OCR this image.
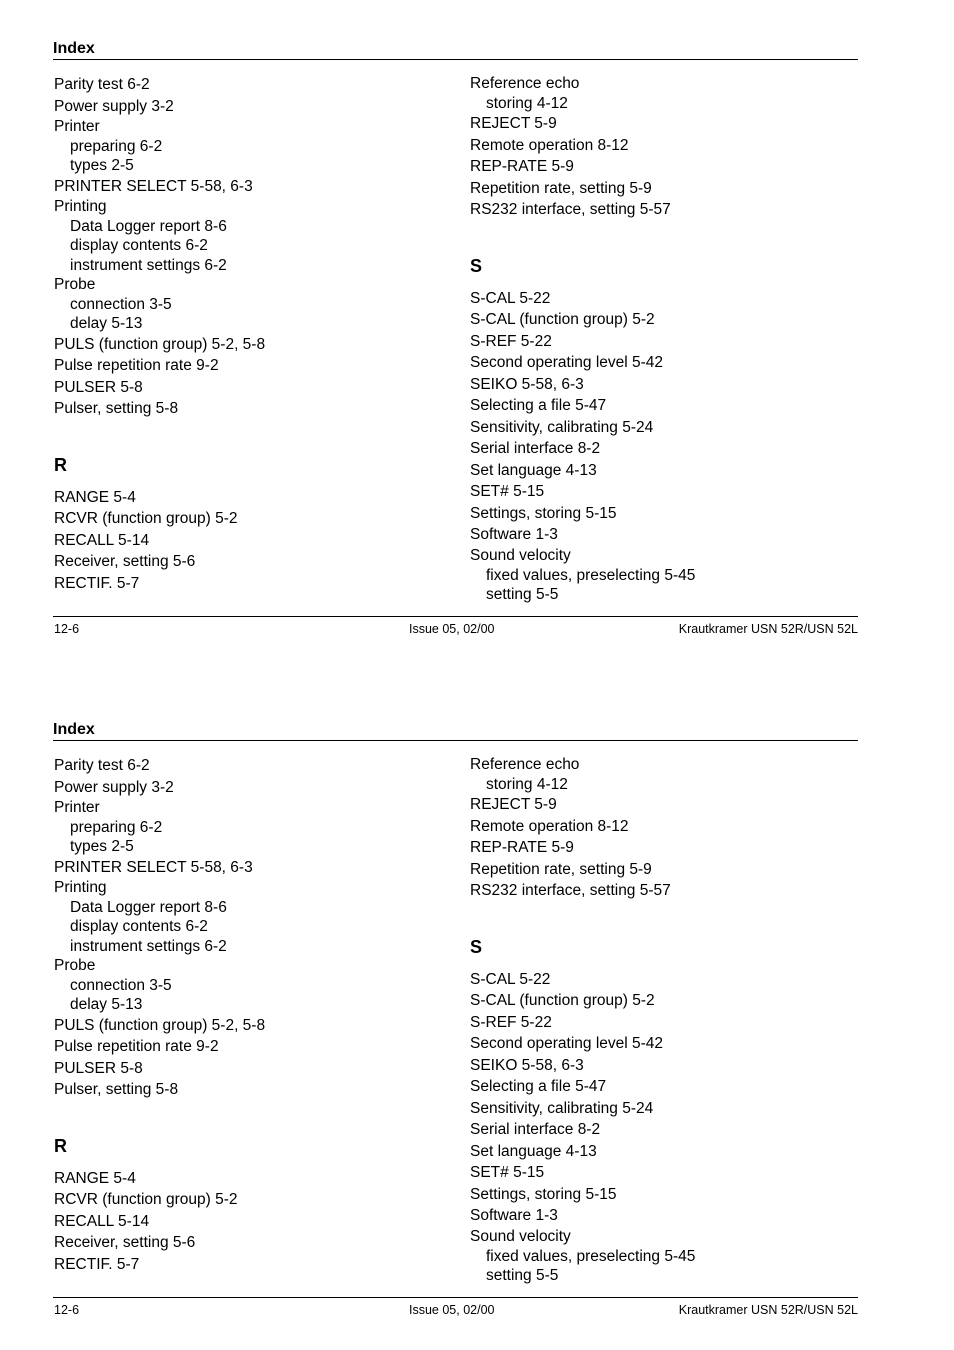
Index
Parity test 6-2
Power supply 3-2
Printer
preparing 6-2
types 2-5
PRINTER SELECT 5-58, 6-3
Printing
Data Logger report 8-6
display contents 6-2
instrument settings 6-2
Probe
connection 3-5
delay 5-13
PULS (function group) 5-2, 5-8
Pulse repetition rate 9-2
PULSER 5-8
Pulser, setting 5-8
R
RANGE 5-4
RCVR (function group) 5-2
RECALL 5-14
Receiver, setting 5-6
RECTIF. 5-7
Reference echo
storing 4-12
REJECT 5-9
Remote operation 8-12
REP-RATE 5-9
Repetition rate, setting 5-9
RS232 interface, setting 5-57
S
S-CAL 5-22
S-CAL (function group) 5-2
S-REF 5-22
Second operating level 5-42
SEIKO 5-58, 6-3
Selecting a file 5-47
Sensitivity, calibrating 5-24
Serial interface 8-2
Set language 4-13
SET# 5-15
Settings, storing 5-15
Software 1-3
Sound velocity
fixed values, preselecting 5-45
setting 5-5
12-6	Issue 05, 02/00	Krautkramer USN 52R/USN 52L
Index
Parity test 6-2
Power supply 3-2
Printer
preparing 6-2
types 2-5
PRINTER SELECT 5-58, 6-3
Printing
Data Logger report 8-6
display contents 6-2
instrument settings 6-2
Probe
connection 3-5
delay 5-13
PULS (function group) 5-2, 5-8
Pulse repetition rate 9-2
PULSER 5-8
Pulser, setting 5-8
R
RANGE 5-4
RCVR (function group) 5-2
RECALL 5-14
Receiver, setting 5-6
RECTIF. 5-7
Reference echo
storing 4-12
REJECT 5-9
Remote operation 8-12
REP-RATE 5-9
Repetition rate, setting 5-9
RS232 interface, setting 5-57
S
S-CAL 5-22
S-CAL (function group) 5-2
S-REF 5-22
Second operating level 5-42
SEIKO 5-58, 6-3
Selecting a file 5-47
Sensitivity, calibrating 5-24
Serial interface 8-2
Set language 4-13
SET# 5-15
Settings, storing 5-15
Software 1-3
Sound velocity
fixed values, preselecting 5-45
setting 5-5
12-6	Issue 05, 02/00	Krautkramer USN 52R/USN 52L
